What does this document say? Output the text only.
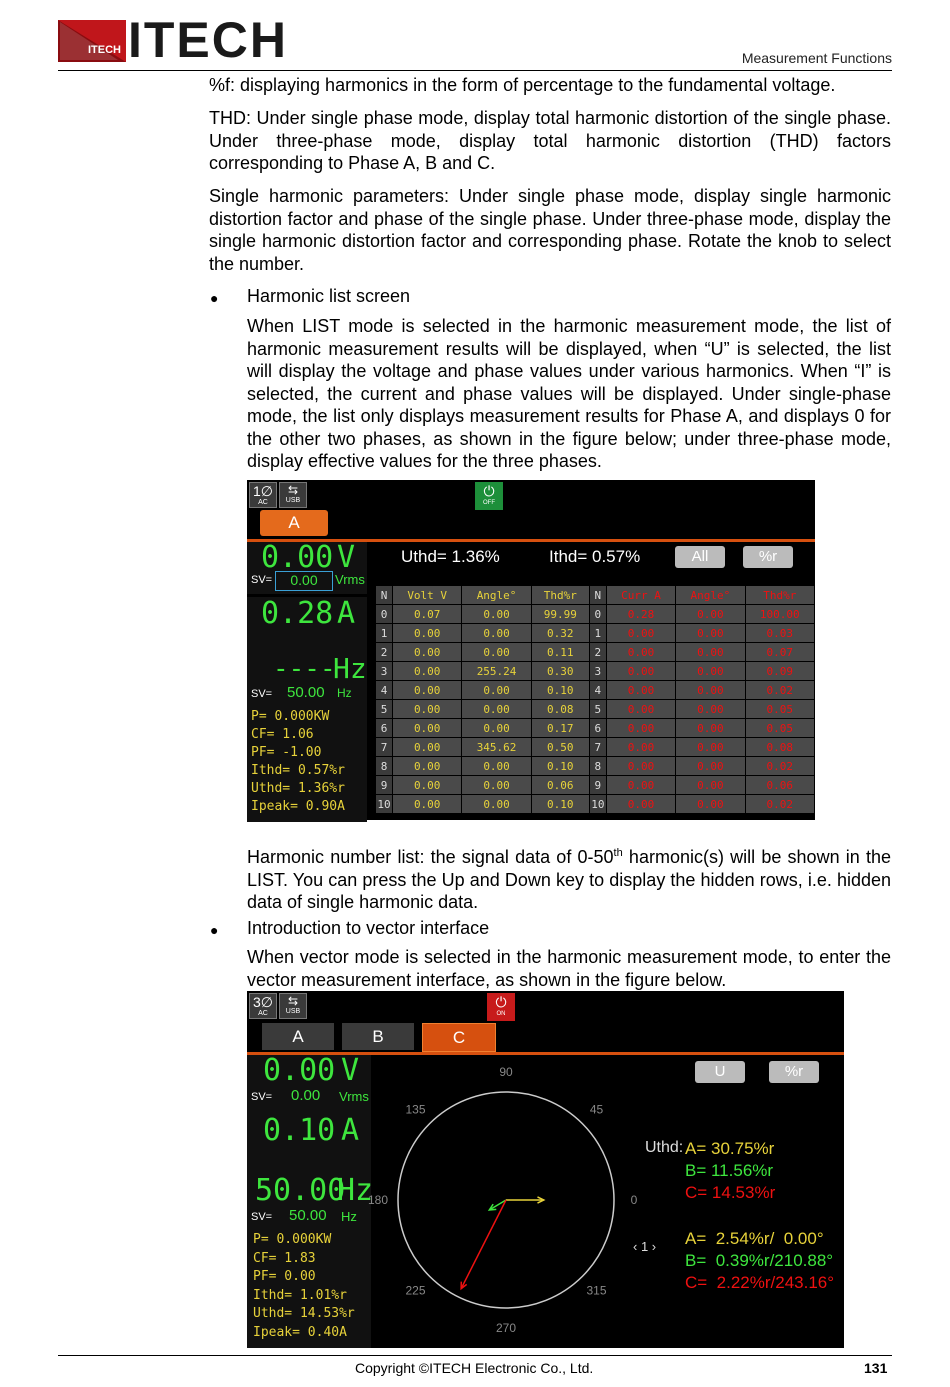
ITECH ITECH	Measurement Functions
%f: displaying harmonics in the form of percentage to the fundamental voltage.
THD: Under single phase mode, display total harmonic distortion of the single phase. Under three-phase mode, display total harmonic distortion (THD) factors corresponding to Phase A, B and C.
Single harmonic parameters: Under single phase mode, display single harmonic distortion factor and phase of the single phase. Under three-phase mode, display the single harmonic distortion factor and corresponding phase. Rotate the knob to select the number.
● Harmonic list screen
When LIST mode is selected in the harmonic measurement mode, the list of harmonic measurement results will be displayed, when “U” is selected, the list will display the voltage and phase values under various harmonics. When “I” is selected, the current and phase values will be displayed. Under single-phase mode, the list only displays measurement results for Phase A, and displays 0 for the other two phases, as shown in the figure below; under three-phase mode, display effective values for the three phases.
1∅
AC
⇆
USB
⏻
OFF
A
0.00 V
SV=	0.00	Vrms
0.28 A
----
Hz
SV= 50.00 Hz
P= 0.000KW
CF= 1.06
PF= -1.00
Ithd= 0.57%r
Uthd= 1.36%r
Ipeak= 0.90A
Uthd= 1.36%	Ithd= 0.57%	All	%r
N	Volt V	Angle°	Thd%r	N	Curr A	Angle°	Thd%r
0	0.07	0.00	99.99	0	0.28	0.00	100.00
1	0.00	0.00	0.32	1	0.00	0.00	0.03
2	0.00	0.00	0.11	2	0.00	0.00	0.07
3	0.00	255.24	0.30	3	0.00	0.00	0.09
4	0.00	0.00	0.10	4	0.00	0.00	0.02
5	0.00	0.00	0.08	5	0.00	0.00	0.05
6	0.00	0.00	0.17	6	0.00	0.00	0.05
7	0.00	345.62	0.50	7	0.00	0.00	0.08
8	0.00	0.00	0.10	8	0.00	0.00	0.02
9	0.00	0.00	0.06	9	0.00	0.00	0.06
10	0.00	0.00	0.10	10	0.00	0.00	0.02
Harmonic number list: the signal data of 0-50th harmonic(s) will be shown in the LIST. You can press the Up and Down key to display the hidden rows, i.e. hidden data of single harmonic data.
● Introduction to vector interface
When vector mode is selected in the harmonic measurement mode, to enter the vector measurement interface, as shown in the figure below.
3∅
AC
⇆
USB
⏻
ON
A	B	C
0.00 V
SV= 0.00 Vrms
0.10 A
50.00
Hz
SV= 50.00 Hz
P= 0.000KW
CF= 1.83
PF= 0.00
Ithd= 1.01%r
Uthd= 14.53%r
Ipeak= 0.40A
90
45
0
315
270
225
180
135
U	%r
Uthd: A= 30.75%r
B= 11.56%r
C= 14.53%r
‹ 1 › A=  2.54%r/  0.00°
B=  0.39%r/210.88°
C=  2.22%r/243.16°
Copyright ©ITECH Electronic Co., Ltd.	131
